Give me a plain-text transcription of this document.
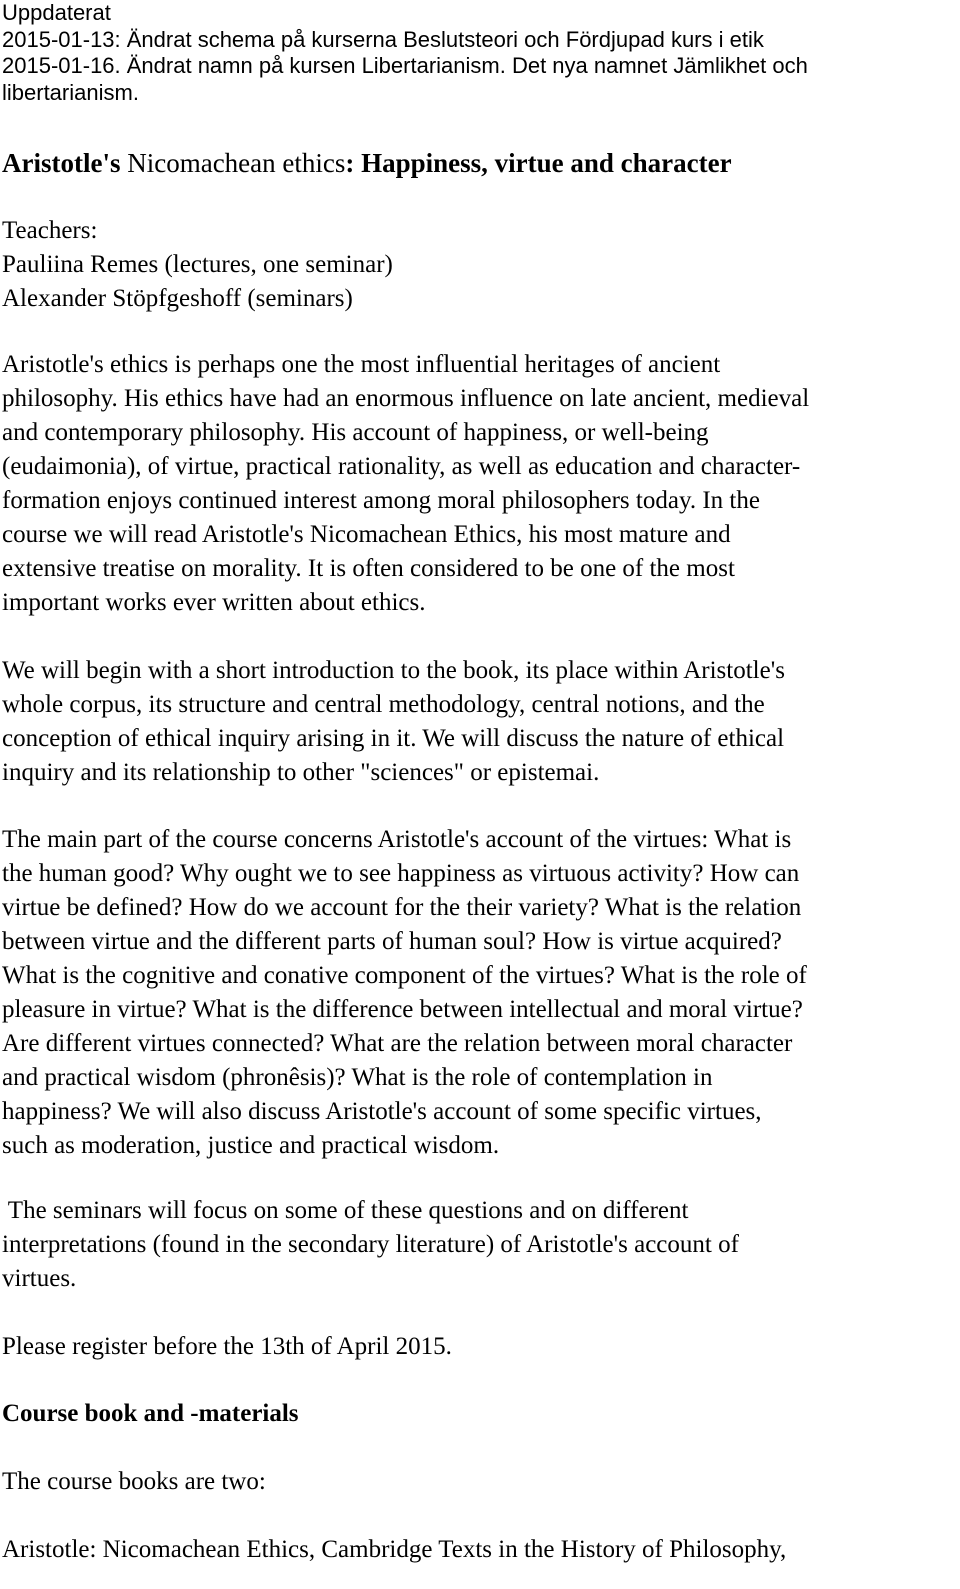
Uppdaterat
2015-01-13: Ändrat schema på kurserna Beslutsteori och Fördjupad kurs i etik
2015-01-16. Ändrat namn på kursen Libertarianism. Det nya namnet Jämlikhet och
libertarianism.
Aristotle's Nicomachean ethics: Happiness, virtue and character
Teachers:
Pauliina Remes (lectures, one seminar)
Alexander Stöpfgeshoff (seminars)

Aristotle's ethics is perhaps one the most influential heritages of ancient
philosophy. His ethics have had an enormous influence on late ancient, medieval
and contemporary philosophy. His account of happiness, or well-being
(eudaimonia), of virtue, practical rationality, as well as education and character-
formation enjoys continued interest among moral philosophers today. In the
course we will read Aristotle's Nicomachean Ethics, his most mature and
extensive treatise on morality. It is often considered to be one of the most
important works ever written about ethics.

We will begin with a short introduction to the book, its place within Aristotle's
whole corpus, its structure and central methodology, central notions, and the
conception of ethical inquiry arising in it. We will discuss the nature of ethical
inquiry and its relationship to other "sciences" or epistemai.

The main part of the course concerns Aristotle's account of the virtues: What is
the human good? Why ought we to see happiness as virtuous activity? How can
virtue be defined? How do we account for the their variety? What is the relation
between virtue and the different parts of human soul? How is virtue acquired?
What is the cognitive and conative component of the virtues? What is the role of
pleasure in virtue? What is the difference between intellectual and moral virtue?
Are different virtues connected? What are the relation between moral character
and practical wisdom (phronêsis)? What is the role of contemplation in
happiness? We will also discuss Aristotle's account of some specific virtues,
such as moderation, justice and practical wisdom.

The seminars will focus on some of these questions and on different
interpretations (found in the secondary literature) of Aristotle's account of
virtues.

Please register before the 13th of April 2015.

Course book and -materials

The course books are two:

Aristotle: Nicomachean Ethics, Cambridge Texts in the History of Philosophy,
